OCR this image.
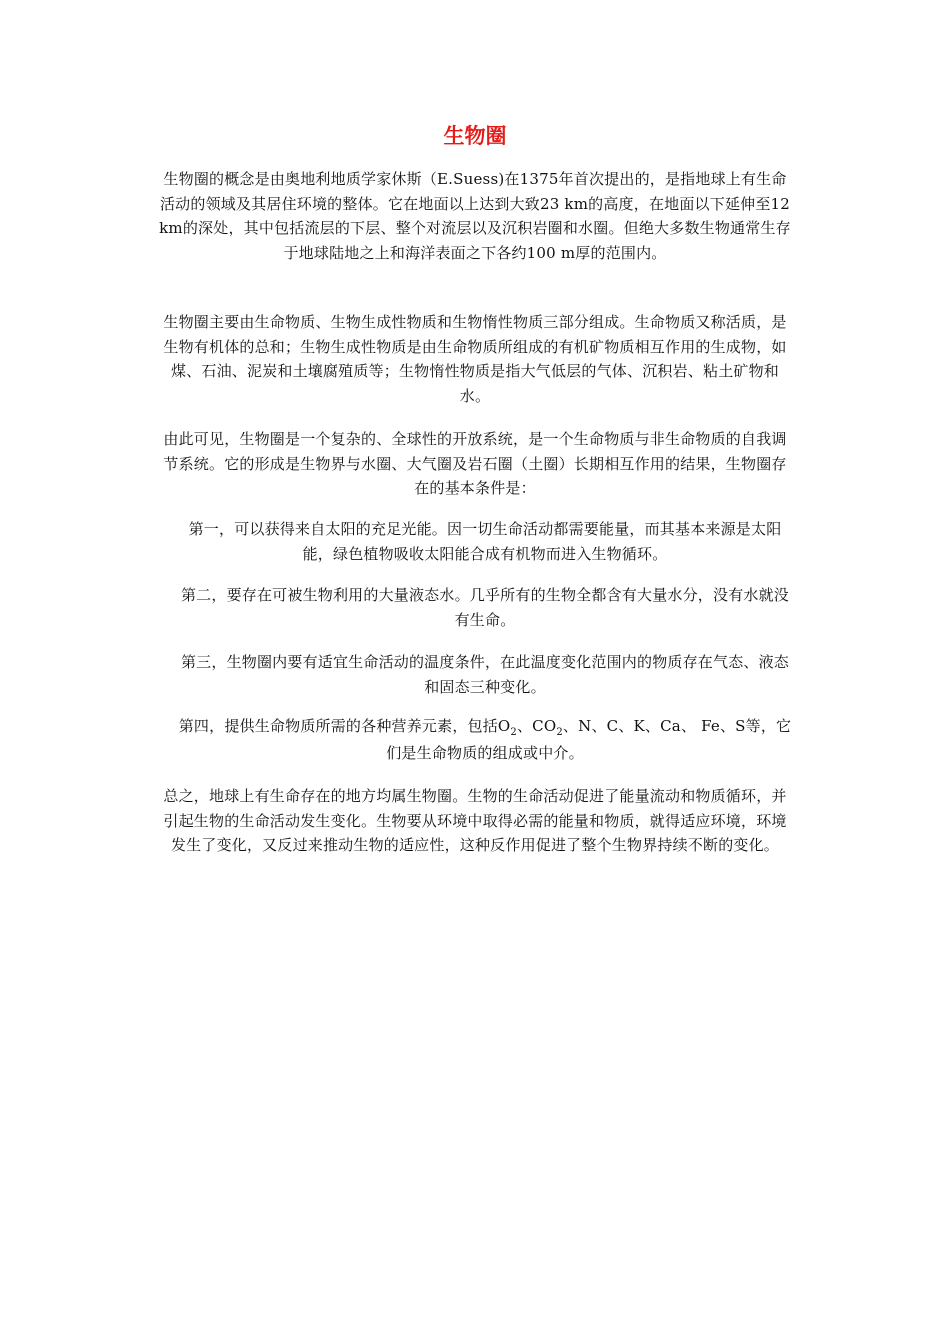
生物圈

生物圈的概念是由奥地利地质学家休斯（E.Suess)在1375年首次提出的，是指地球上有生命活动的领域及其居住环境的整体。它在地面以上达到大致23 km的高度，在地面以下延伸至12 km的深处，其中包括流层的下层、整个对流层以及沉积岩圈和水圈。但绝大多数生物通常生存于地球陆地之上和海洋表面之下各约100 m厚的范围内。

生物圈主要由生命物质、生物生成性物质和生物惰性物质三部分组成。生命物质又称活质，是生物有机体的总和；生物生成性物质是由生命物质所组成的有机矿物质相互作用的生成物，如煤、石油、泥炭和土壤腐殖质等；生物惰性物质是指大气低层的气体、沉积岩、粘土矿物和水。

由此可见，生物圈是一个复杂的、全球性的开放系统，是一个生命物质与非生命物质的自我调节系统。它的形成是生物界与水圈、大气圈及岩石圈（土圈）长期相互作用的结果，生物圈存在的基本条件是：

第一，可以获得来自太阳的充足光能。因一切生命活动都需要能量，而其基本来源是太阳能，绿色植物吸收太阳能合成有机物而进入生物循环。

第二，要存在可被生物利用的大量液态水。几乎所有的生物全都含有大量水分，没有水就没有生命。

第三，生物圈内要有适宜生命活动的温度条件，在此温度变化范围内的物质存在气态、液态和固态三种变化。

第四，提供生命物质所需的各种营养元素，包括$O_2$、$CO_2$、N、C、K、Ca、 Fe、S等，它们是生命物质的组成或中介。

总之，地球上有生命存在的地方均属生物圈。生物的生命活动促进了能量流动和物质循环，并引起生物的生命活动发生变化。生物要从环境中取得必需的能量和物质，就得适应环境，环境发生了变化，又反过来推动生物的适应性，这种反作用促进了整个生物界持续不断的变化。
